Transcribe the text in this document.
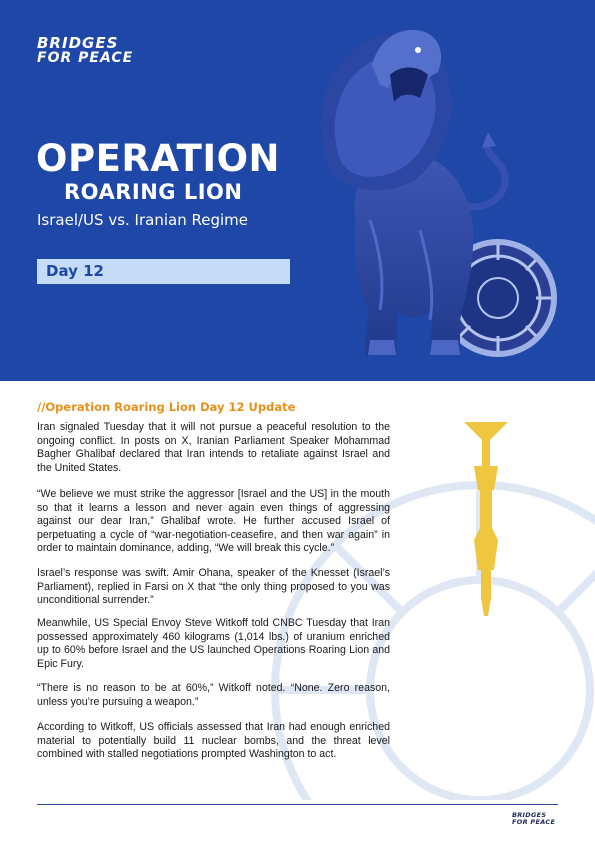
BRIDGES
FOR PEACE
OPERATION
ROARING LION
Israel/US vs. Iranian Regime
Day 12
//Operation Roaring Lion Day 12 Update

Iran signaled Tuesday that it will not pursue a peaceful resolution to the ongoing conflict. In posts on X, Iranian Parliament Speaker Mohammad Bagher Ghalibaf declared that Iran intends to retaliate against Israel and the United States.

“We believe we must strike the aggressor [Israel and the US] in the mouth so that it learns a lesson and never again even things of aggressing against our dear Iran,” Ghalibaf wrote. He further accused Israel of perpetuating a cycle of “war-negotiation-ceasefire, and then war again” in order to maintain dominance, adding, “We will break this cycle.”

Israel’s response was swift. Amir Ohana, speaker of the Knesset (Israel’s Parliament), replied in Farsi on X that “the only thing proposed to you was unconditional surrender.”

Meanwhile, US Special Envoy Steve Witkoff told CNBC Tuesday that Iran possessed approximately 460 kilograms (1,014 lbs.) of uranium enriched up to 60% before Israel and the US launched Operations Roaring Lion and Epic Fury.

“There is no reason to be at 60%,” Witkoff noted. “None. Zero reason, unless you’re pursuing a weapon.”

According to Witkoff, US officials assessed that Iran had enough enriched material to potentially build 11 nuclear bombs, and the threat level combined with stalled negotiations prompted Washington to act.

BRIDGES
FOR PEACE
